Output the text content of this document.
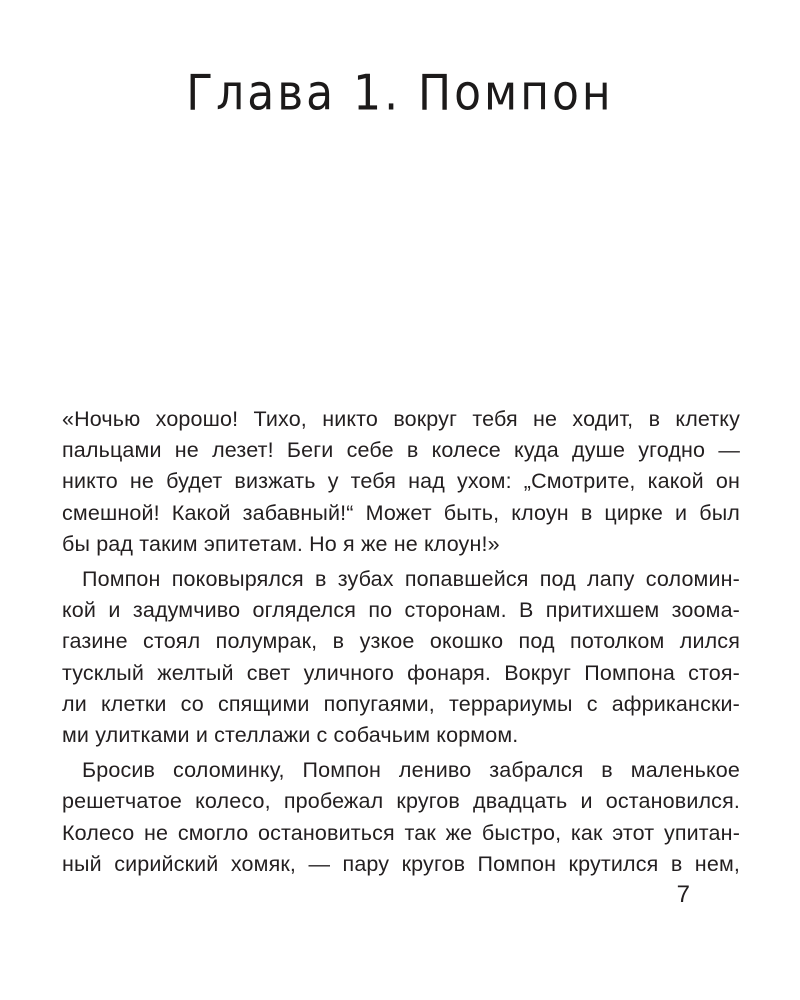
Глава 1. Помпон

«Ночью хорошо! Тихо, никто вокруг тебя не ходит, в клетку
пальцами не лезет! Беги себе в колесе куда душе угодно —
никто не будет визжать у тебя над ухом: „Смотрите, какой он
смешной! Какой забавный!“ Может быть, клоун в цирке и был
бы рад таким эпитетам. Но я же не клоун!»

Помпон поковырялся в зубах попавшейся под лапу соломин-
кой и задумчиво огляделся по сторонам. В притихшем зоома-
газине стоял полумрак, в узкое окошко под потолком лился
тусклый желтый свет уличного фонаря. Вокруг Помпона стоя-
ли клетки со спящими попугаями, террариумы с африкански-
ми улитками и стеллажи с собачьим кормом.

Бросив соломинку, Помпон лениво забрался в маленькое
решетчатое колесо, пробежал кругов двадцать и остановился.
Колесо не смогло остановиться так же быстро, как этот упитан-
ный сирийский хомяк, — пару кругов Помпон крутился в нем,

7
